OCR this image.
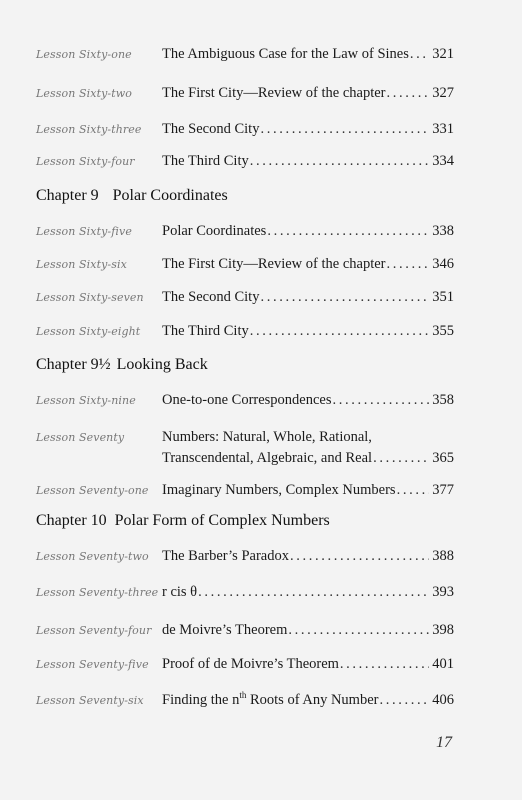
Lesson Sixty-one The Ambiguous Case for the Law of Sines . . . 321
Lesson Sixty-two The First City—Review of the chapter . . .	327
Lesson Sixty-three The Second City . . .	331
Lesson Sixty-four The Third City . . .	334
Chapter 9 Polar Coordinates
Lesson Sixty-five Polar Coordinates . . .	338
Lesson Sixty-six The First City—Review of the chapter . . .	346
Lesson Sixty-seven The Second City . . .	351
Lesson Sixty-eight The Third City . . .	355
Chapter 9½ Looking Back
Lesson Sixty-nine One-to-one Correspondences . . .	358
Lesson Seventy	Numbers: Natural, Whole, Rational,
Transcendental, Algebraic, and Real . . .	365
Lesson Seventy-one Imaginary Numbers, Complex Numbers . . .	377
Chapter 10 Polar Form of Complex Numbers
Lesson Seventy-two The Barber’s Paradox . . .	388
Lesson Seventy-three r cis θ . . .	393
Lesson Seventy-four de Moivre’s Theorem . . .	398
Lesson Seventy-five Proof of de Moivre’s Theorem . . .	401
Lesson Seventy-six Finding the $n^{th}$ Roots of Any Number . . .	406
17
